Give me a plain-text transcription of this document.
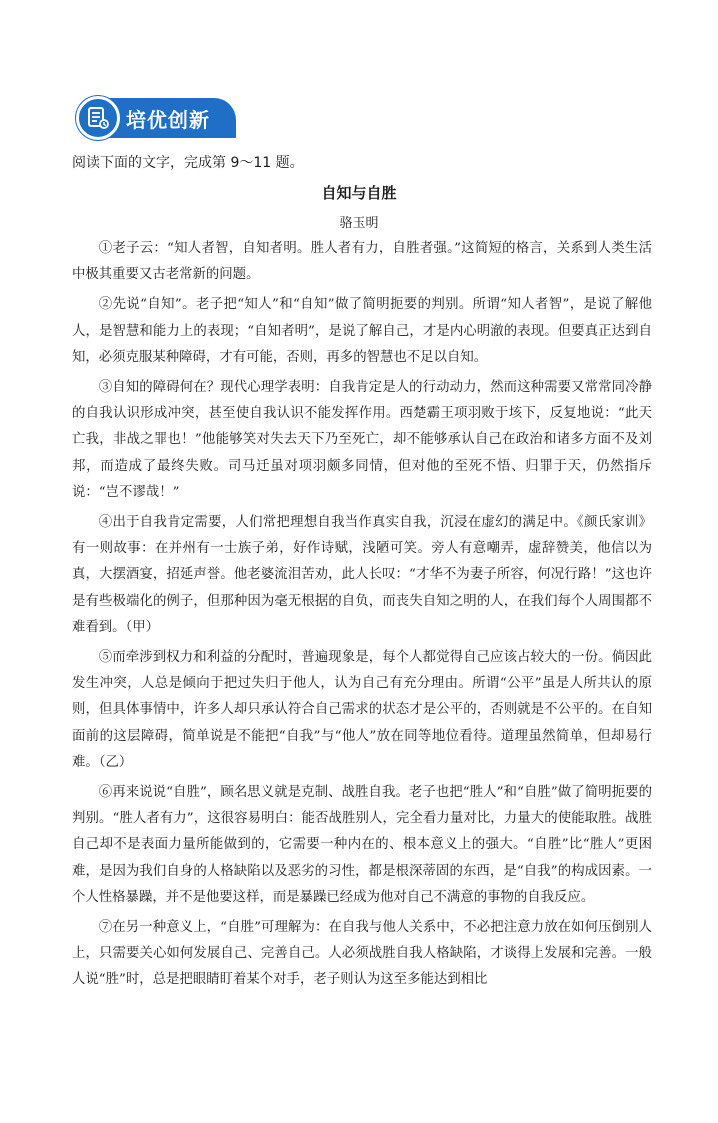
培优创新
阅读下面的文字，完成第 9～11 题。
自知与自胜
骆玉明

①老子云：“知人者智，自知者明。胜人者有力，自胜者强。”这简短的格言，关系到人类生活中极其重要又古老常新的问题。

②先说“自知”。老子把“知人”和“自知”做了简明扼要的判别。所谓“知人者智”，是说了解他人，是智慧和能力上的表现；“自知者明”，是说了解自己，才是内心明澈的表现。但要真正达到自知，必须克服某种障碍，才有可能，否则，再多的智慧也不足以自知。

③自知的障碍何在？现代心理学表明：自我肯定是人的行动动力，然而这种需要又常常同冷静的自我认识形成冲突，甚至使自我认识不能发挥作用。西楚霸王项羽败于垓下，反复地说：“此天亡我，非战之罪也！”他能够笑对失去天下乃至死亡，却不能够承认自己在政治和诸多方面不及刘邦，而造成了最终失败。司马迁虽对项羽颇多同情，但对他的至死不悟、归罪于天，仍然指斥说：“岂不谬哉！”

④出于自我肯定需要，人们常把理想自我当作真实自我，沉浸在虚幻的满足中。《颜氏家训》有一则故事：在并州有一士族子弟，好作诗赋，浅陋可笑。旁人有意嘲弄，虚辞赞美，他信以为真，大摆酒宴，招延声誉。他老婆流泪苦劝，此人长叹：“才华不为妻子所容，何况行路！”这也许是有些极端化的例子，但那种因为毫无根据的自负，而丧失自知之明的人，在我们每个人周围都不难看到。（甲）

⑤而牵涉到权力和利益的分配时，普遍现象是，每个人都觉得自己应该占较大的一份。倘因此发生冲突，人总是倾向于把过失归于他人，认为自己有充分理由。所谓“公平”虽是人所共认的原则，但具体事情中，许多人却只承认符合自己需求的状态才是公平的，否则就是不公平的。在自知面前的这层障碍，简单说是不能把“自我”与“他人”放在同等地位看待。道理虽然简单，但却易行难。（乙）

⑥再来说说“自胜”，顾名思义就是克制、战胜自我。老子也把“胜人”和“自胜”做了简明扼要的判别。“胜人者有力”，这很容易明白：能否战胜别人，完全看力量对比，力量大的使能取胜。战胜自己却不是表面力量所能做到的，它需要一种内在的、根本意义上的强大。“自胜”比“胜人”更困难，是因为我们自身的人格缺陷以及恶劣的习性，都是根深蒂固的东西，是“自我”的构成因素。一个人性格暴躁，并不是他要这样，而是暴躁已经成为他对自己不满意的事物的自我反应。

⑦在另一种意义上，“自胜”可理解为：在自我与他人关系中，不必把注意力放在如何压倒别人上，只需要关心如何发展自己、完善自己。人必须战胜自我人格缺陷，才谈得上发展和完善。一般人说“胜”时，总是把眼睛盯着某个对手，老子则认为这至多能达到相比
